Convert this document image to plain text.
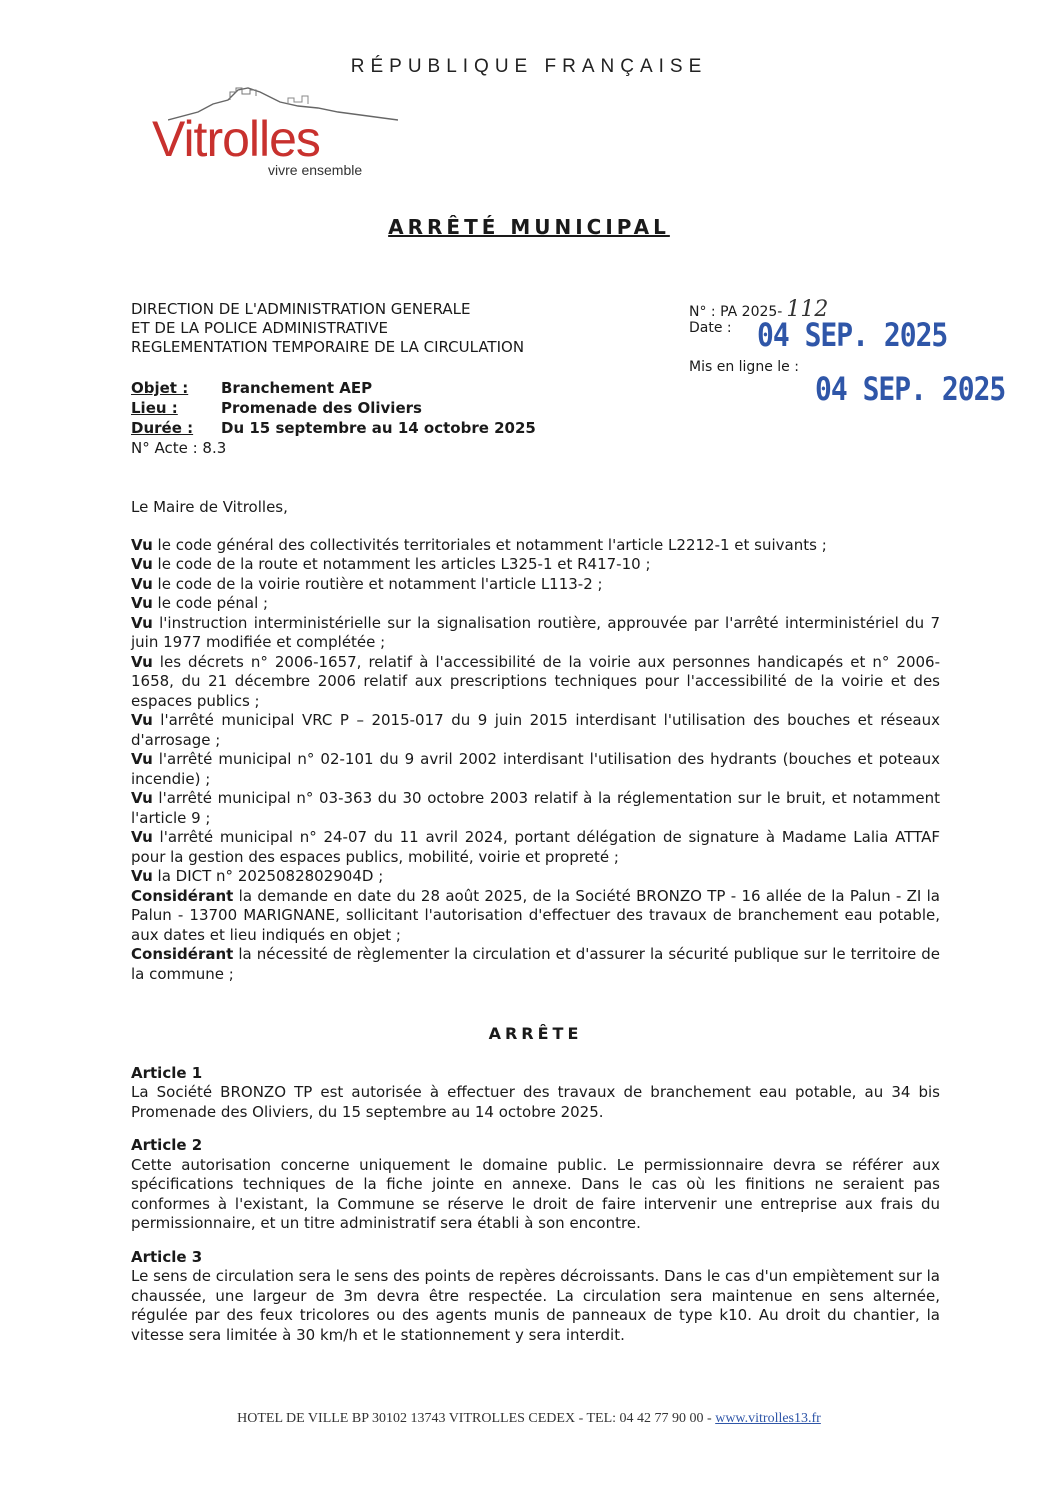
RÉPUBLIQUE FRANÇAISE
Vitrolles
vivre ensemble
ARRÊTÉ MUNICIPAL
DIRECTION DE L'ADMINISTRATION GENERALE
ET DE LA POLICE ADMINISTRATIVE
REGLEMENTATION TEMPORAIRE DE LA CIRCULATION
N° : PA 2025- 112
Date : 04 SEP. 2025
Mis en ligne le :
04 SEP. 2025
Objet :	Branchement AEP
Lieu :	Promenade des Oliviers
Durée :	Du 15 septembre au 14 octobre 2025
N° Acte : 8.3

Le Maire de Vitrolles,

Vu le code général des collectivités territoriales et notamment l'article L2212-1 et suivants ;

Vu le code de la route et notamment les articles L325-1 et R417-10 ;

Vu le code de la voirie routière et notamment l'article L113-2 ;

Vu le code pénal ;

Vu l'instruction interministérielle sur la signalisation routière, approuvée par l'arrêté interministériel du 7 juin 1977 modifiée et complétée ;

Vu les décrets n° 2006-1657, relatif à l'accessibilité de la voirie aux personnes handicapés et n° 2006-1658, du 21 décembre 2006 relatif aux prescriptions techniques pour l'accessibilité de la voirie et des espaces publics ;

Vu l'arrêté municipal VRC P – 2015-017 du 9 juin 2015 interdisant l'utilisation des bouches et réseaux d'arrosage ;

Vu l'arrêté municipal n° 02-101 du 9 avril 2002 interdisant l'utilisation des hydrants (bouches et poteaux incendie) ;

Vu l'arrêté municipal n° 03-363 du 30 octobre 2003 relatif à la réglementation sur le bruit, et notamment l'article 9 ;

Vu l'arrêté municipal n° 24-07 du 11 avril 2024, portant délégation de signature à Madame Lalia ATTAF pour la gestion des espaces publics, mobilité, voirie et propreté ;

Vu la DICT n° 2025082802904D ;

Considérant la demande en date du 28 août 2025, de la Société BRONZO TP - 16 allée de la Palun - ZI la Palun - 13700 MARIGNANE, sollicitant l'autorisation d'effectuer des travaux de branchement eau potable, aux dates et lieu indiqués en objet ;

Considérant la nécessité de règlementer la circulation et d'assurer la sécurité publique sur le territoire de la commune ;

ARRÊTE
Article 1

La Société BRONZO TP est autorisée à effectuer des travaux de branchement eau potable, au 34 bis Promenade des Oliviers, du 15 septembre au 14 octobre 2025.

Article 2

Cette autorisation concerne uniquement le domaine public. Le permissionnaire devra se référer aux spécifications techniques de la fiche jointe en annexe. Dans le cas où les finitions ne seraient pas conformes à l'existant, la Commune se réserve le droit de faire intervenir une entreprise aux frais du permissionnaire, et un titre administratif sera établi à son encontre.

Article 3

Le sens de circulation sera le sens des points de repères décroissants. Dans le cas d'un empiètement sur la chaussée, une largeur de 3m devra être respectée. La circulation sera maintenue en sens alternée, régulée par des feux tricolores ou des agents munis de panneaux de type k10. Au droit du chantier, la vitesse sera limitée à 30 km/h et le stationnement y sera interdit.

HOTEL DE VILLE BP 30102 13743 VITROLLES CEDEX - TEL: 04 42 77 90 00 - www.vitrolles13.fr
